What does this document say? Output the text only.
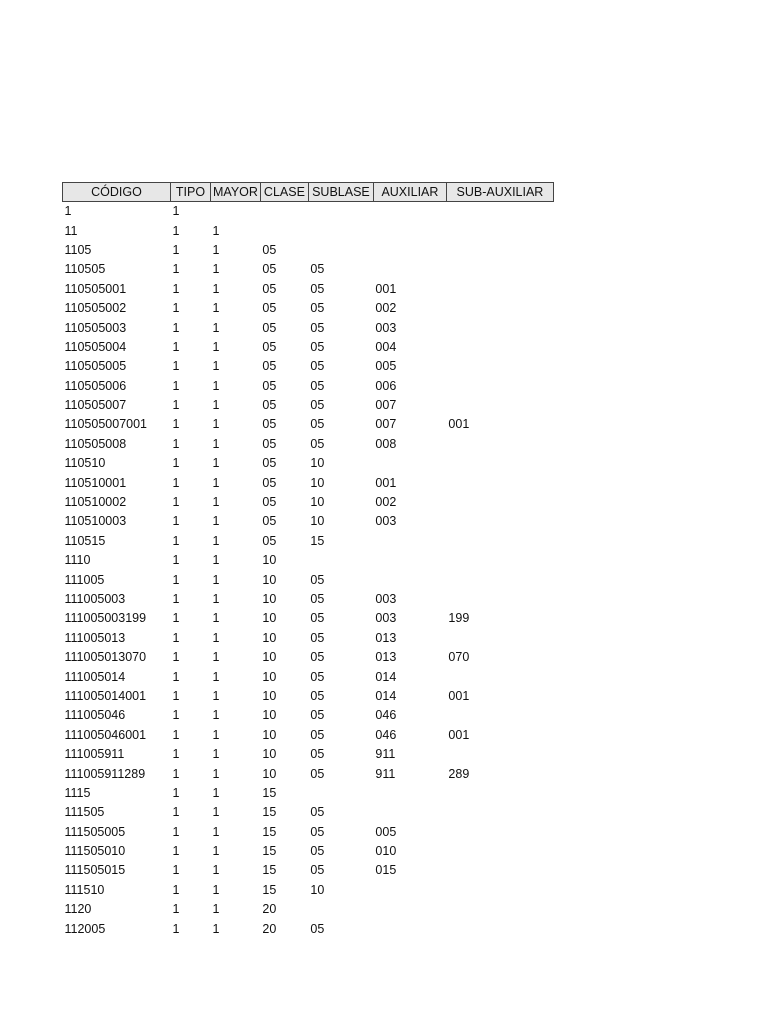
CÓDIGO	TIPO	MAYOR	CLASE	SUBLASE	AUXILIAR	SUB-AUXILIAR
1	1					
11	1	1				
1105	1	1	05			
110505	1	1	05	05		
110505001	1	1	05	05	001	
110505002	1	1	05	05	002	
110505003	1	1	05	05	003	
110505004	1	1	05	05	004	
110505005	1	1	05	05	005	
110505006	1	1	05	05	006	
110505007	1	1	05	05	007	
110505007001	1	1	05	05	007	001
110505008	1	1	05	05	008	
110510	1	1	05	10		
110510001	1	1	05	10	001	
110510002	1	1	05	10	002	
110510003	1	1	05	10	003	
110515	1	1	05	15		
1110	1	1	10			
111005	1	1	10	05		
111005003	1	1	10	05	003	
111005003199	1	1	10	05	003	199
111005013	1	1	10	05	013	
111005013070	1	1	10	05	013	070
111005014	1	1	10	05	014	
111005014001	1	1	10	05	014	001
111005046	1	1	10	05	046	
111005046001	1	1	10	05	046	001
111005911	1	1	10	05	911	
111005911289	1	1	10	05	911	289
1115	1	1	15			
111505	1	1	15	05		
111505005	1	1	15	05	005	
111505010	1	1	15	05	010	
111505015	1	1	15	05	015	
111510	1	1	15	10		
1120	1	1	20			
112005	1	1	20	05		
